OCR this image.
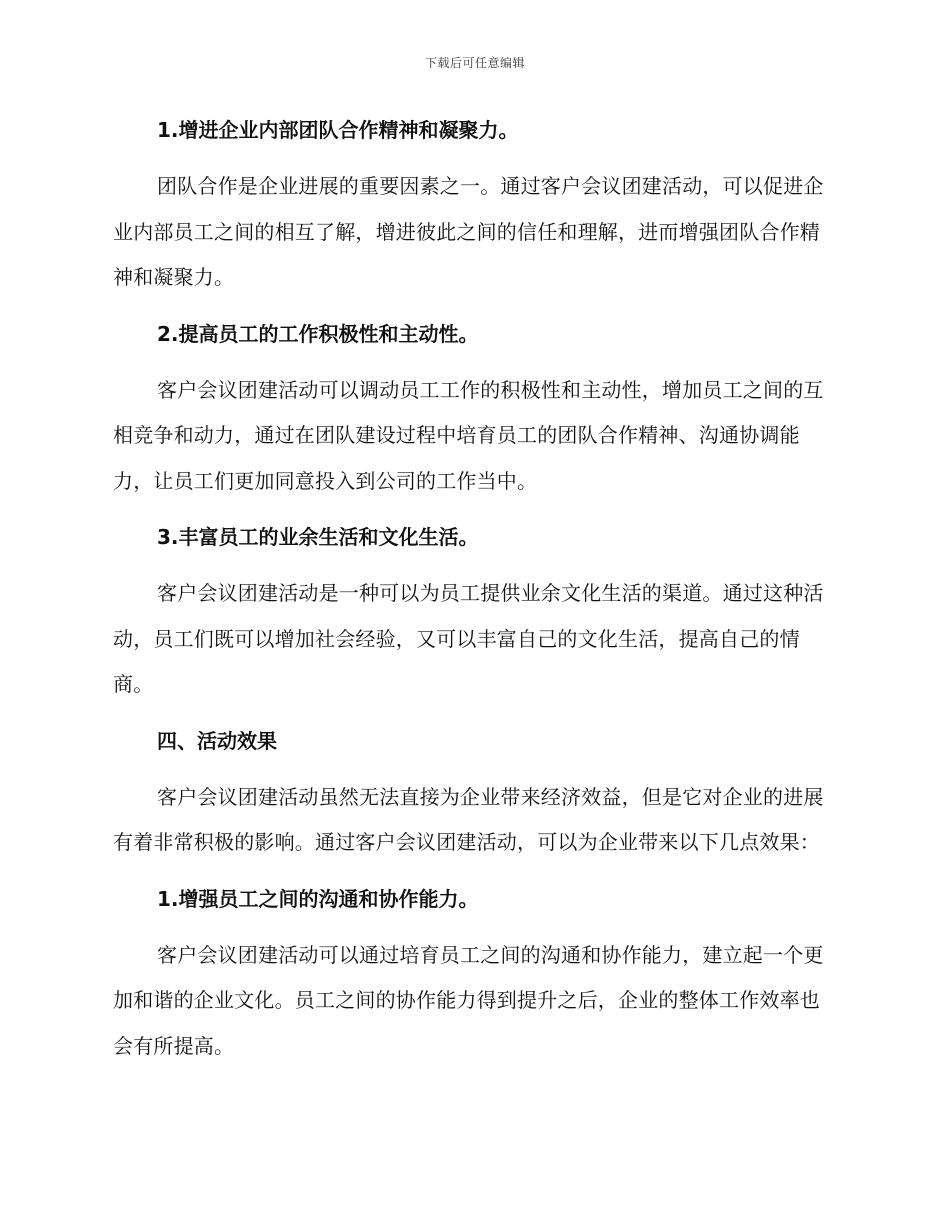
下载后可任意编辑
1.增进企业内部团队合作精神和凝聚力。

团队合作是企业进展的重要因素之一。通过客户会议团建活动，可以促进企业内部员工之间的相互了解，增进彼此之间的信任和理解，进而增强团队合作精神和凝聚力。

2.提高员工的工作积极性和主动性。

客户会议团建活动可以调动员工工作的积极性和主动性，增加员工之间的互相竞争和动力，通过在团队建设过程中培育员工的团队合作精神、沟通协调能力，让员工们更加同意投入到公司的工作当中。

3.丰富员工的业余生活和文化生活。

客户会议团建活动是一种可以为员工提供业余文化生活的渠道。通过这种活动，员工们既可以增加社会经验，又可以丰富自己的文化生活，提高自己的情商。

四、活动效果

客户会议团建活动虽然无法直接为企业带来经济效益，但是它对企业的进展有着非常积极的影响。通过客户会议团建活动，可以为企业带来以下几点效果：

1.增强员工之间的沟通和协作能力。

客户会议团建活动可以通过培育员工之间的沟通和协作能力，建立起一个更加和谐的企业文化。员工之间的协作能力得到提升之后，企业的整体工作效率也会有所提高。
